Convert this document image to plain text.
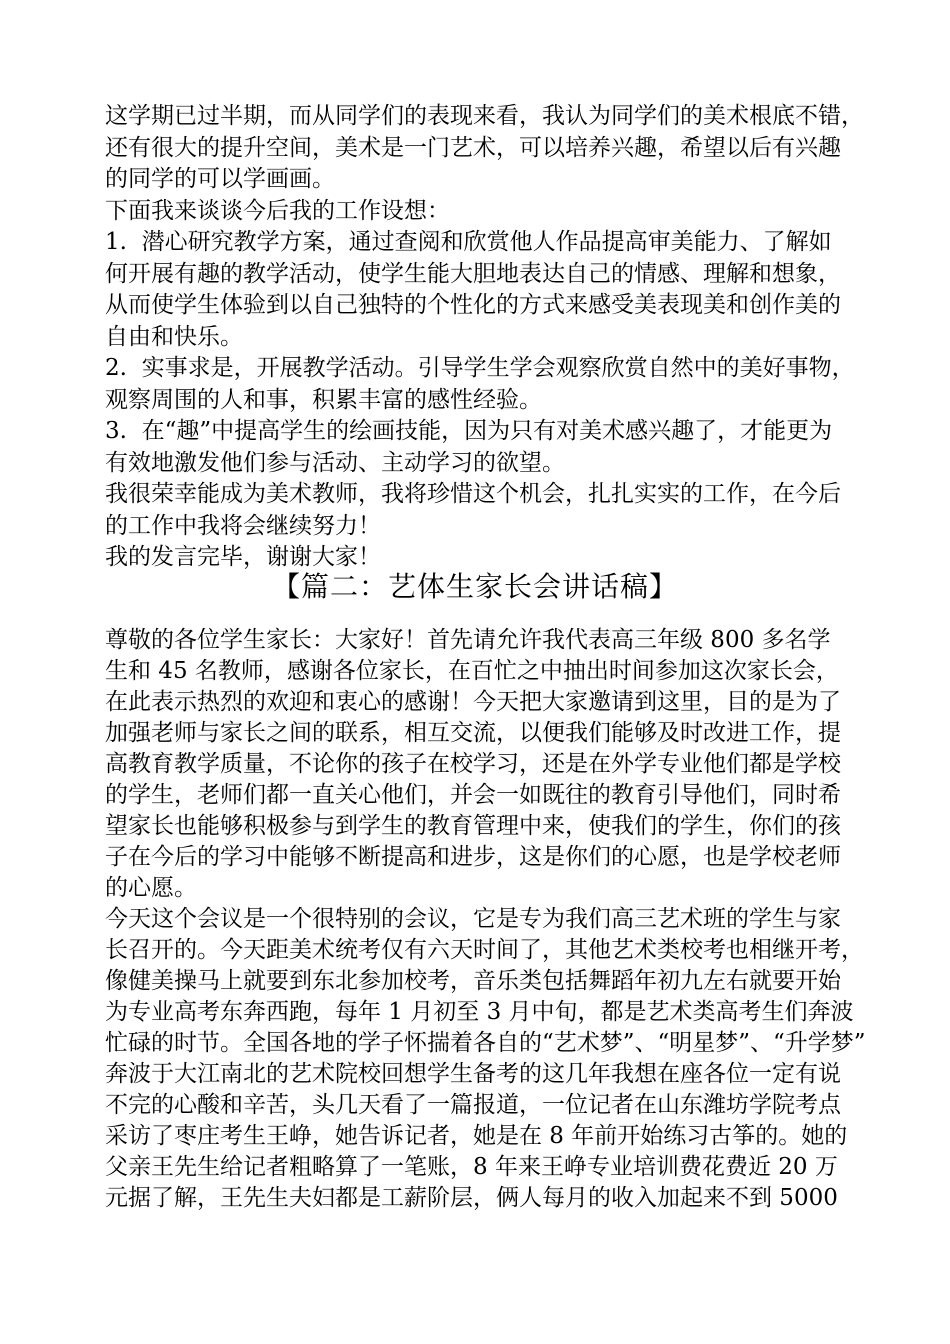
这学期已过半期，而从同学们的表现来看，我认为同学们的美术根底不错，

还有很大的提升空间，美术是一门艺术，可以培养兴趣，希望以后有兴趣

的同学的可以学画画。

下面我来谈谈今后我的工作设想：

1.  潜心研究教学方案，通过查阅和欣赏他人作品提高审美能力、了解如

何开展有趣的教学活动，使学生能大胆地表达自己的情感、理解和想象，

从而使学生体验到以自己独特的个性化的方式来感受美表现美和创作美的

自由和快乐。

2.  实事求是，开展教学活动。引导学生学会观察欣赏自然中的美好事物，

观察周围的人和事，积累丰富的感性经验。

3.  在“趣”中提高学生的绘画技能，因为只有对美术感兴趣了，才能更为

有效地激发他们参与活动、主动学习的欲望。

我很荣幸能成为美术教师，我将珍惜这个机会，扎扎实实的工作，在今后

的工作中我将会继续努力！

我的发言完毕，谢谢大家！

【篇二：艺体生家长会讲话稿】

尊敬的各位学生家长：大家好！首先请允许我代表高三年级 800 多名学

生和 45 名教师，感谢各位家长，在百忙之中抽出时间参加这次家长会，

在此表示热烈的欢迎和衷心的感谢！今天把大家邀请到这里，目的是为了

加强老师与家长之间的联系，相互交流，以便我们能够及时改进工作，提

高教育教学质量，不论你的孩子在校学习，还是在外学专业他们都是学校

的学生，老师们都一直关心他们，并会一如既往的教育引导他们，同时希

望家长也能够积极参与到学生的教育管理中来，使我们的学生，你们的孩

子在今后的学习中能够不断提高和进步，这是你们的心愿，也是学校老师

的心愿。

今天这个会议是一个很特别的会议，它是专为我们高三艺术班的学生与家

长召开的。今天距美术统考仅有六天时间了，其他艺术类校考也相继开考，

像健美操马上就要到东北参加校考，音乐类包括舞蹈年初九左右就要开始

为专业高考东奔西跑，每年 1 月初至 3 月中旬，都是艺术类高考生们奔波

忙碌的时节。全国各地的学子怀揣着各自的“艺术梦”、“明星梦”、“升学梦”

奔波于大江南北的艺术院校回想学生备考的这几年我想在座各位一定有说

不完的心酸和辛苦，头几天看了一篇报道，一位记者在山东潍坊学院考点

采访了枣庄考生王峥，她告诉记者，她是在 8 年前开始练习古筝的。她的

父亲王先生给记者粗略算了一笔账，8 年来王峥专业培训费花费近 20 万

元据了解，王先生夫妇都是工薪阶层，俩人每月的收入加起来不到 5000
